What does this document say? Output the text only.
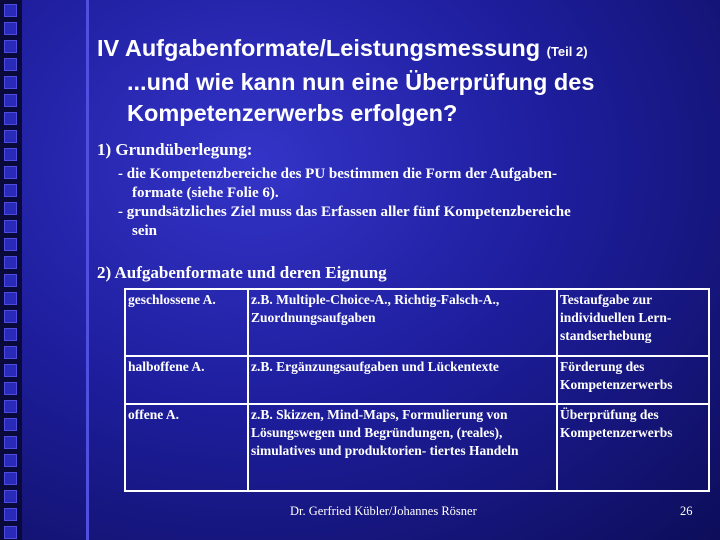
IV Aufgabenformate/Leistungsmessung (Teil 2)
...und wie kann nun eine Überprüfung des
Kompetenzerwerbs erfolgen?
1) Grundüberlegung:
- die Kompetenzbereiche des PU bestimmen die Form der Aufgaben-
formate (siehe Folie 6).
- grundsätzliches Ziel muss das Erfassen aller fünf Kompetenzbereiche
sein
2) Aufgabenformate und deren Eignung
geschlossene A.	z.B. Multiple-Choice-A., Richtig-Falsch-A., Zuordnungsaufgaben	Testaufgabe zur individuellen Lern-standserhebung
halboffene A.	z.B. Ergänzungsaufgaben und Lückentexte	Förderung des Kompetenzerwerbs
offene A.	z.B. Skizzen, Mind-Maps, Formulierung von Lösungswegen und Begründungen, (reales), simulatives und produktorien- tiertes Handeln	Überprüfung des Kompetenzerwerbs
Dr. Gerfried Kübler/Johannes Rösner	26
